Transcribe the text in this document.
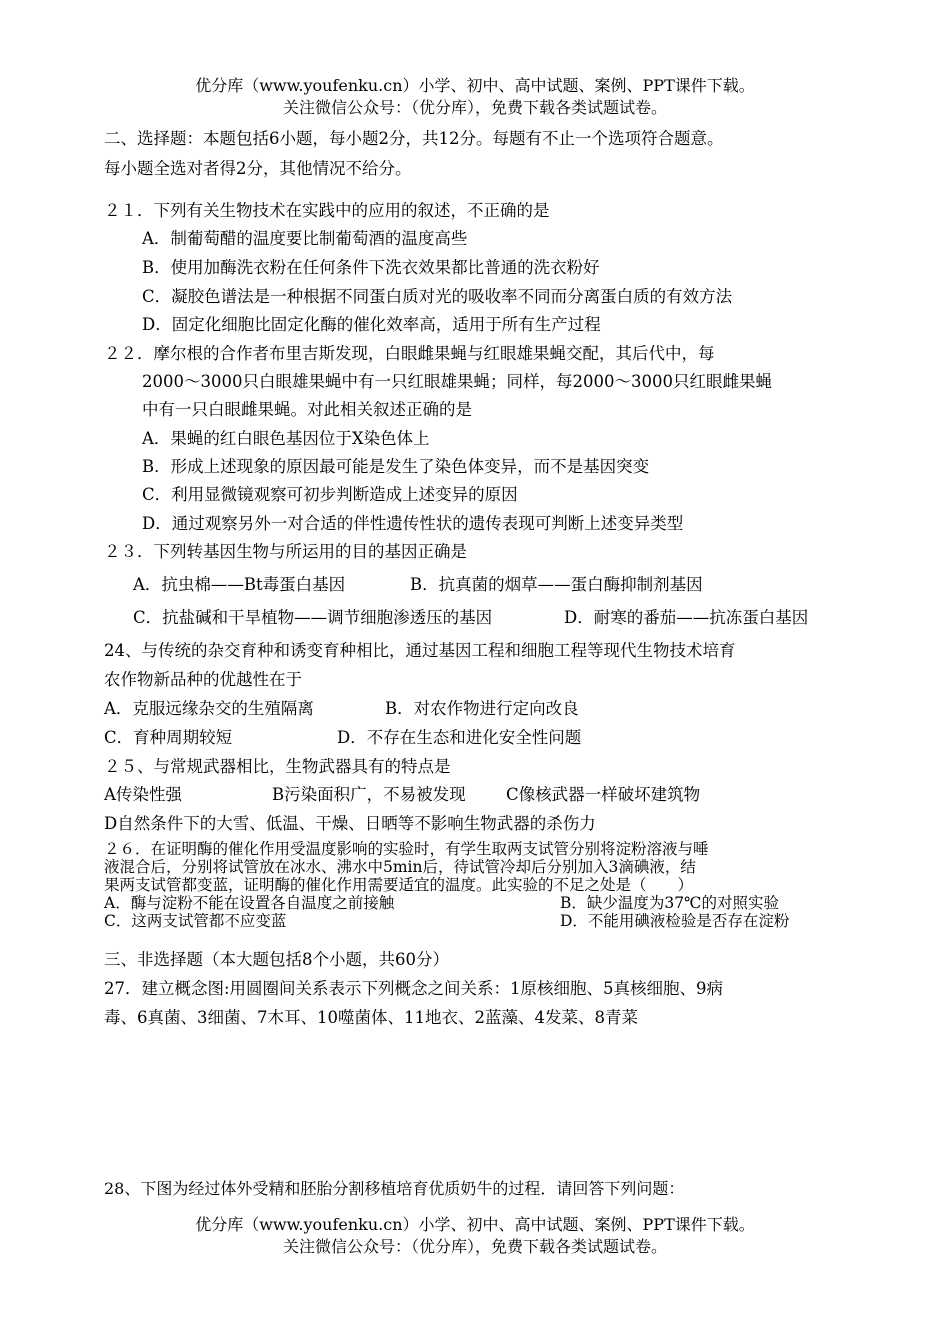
优分库（www.youfenku.cn）小学、初中、高中试题、案例、PPT课件下载。
关注微信公众号：（优分库），免费下载各类试题试卷。
二、选择题：本题包括6小题，每小题2分，共12分。每题有不止一个选项符合题意。
每小题全选对者得2分，其他情况不给分。
２１．下列有关生物技术在实践中的应用的叙述，不正确的是
A．制葡萄醋的温度要比制葡萄酒的温度高些
B．使用加酶洗衣粉在任何条件下洗衣效果都比普通的洗衣粉好
C．凝胶色谱法是一种根据不同蛋白质对光的吸收率不同而分离蛋白质的有效方法
D．固定化细胞比固定化酶的催化效率高，适用于所有生产过程
２２．摩尔根的合作者布里吉斯发现，白眼雌果蝇与红眼雄果蝇交配，其后代中，每
2000～3000只白眼雄果蝇中有一只红眼雄果蝇；同样，每2000～3000只红眼雌果蝇
中有一只白眼雌果蝇。对此相关叙述正确的是
A．果蝇的红白眼色基因位于X染色体上
B．形成上述现象的原因最可能是发生了染色体变异，而不是基因突变
C．利用显微镜观察可初步判断造成上述变异的原因
D．通过观察另外一对合适的伴性遗传性状的遗传表现可判断上述变异类型
２３．下列转基因生物与所运用的目的基因正确是
A．抗虫棉——Bt毒蛋白基因	B．抗真菌的烟草——蛋白酶抑制剂基因
C．抗盐碱和干旱植物——调节细胞渗透压的基因	D．耐寒的番茄——抗冻蛋白基因
24、与传统的杂交育种和诱变育种相比，通过基因工程和细胞工程等现代生物技术培育
农作物新品种的优越性在于
A．克服远缘杂交的生殖隔离	B．对农作物进行定向改良
C．育种周期较短	D．不存在生态和进化安全性问题
２５、与常规武器相比，生物武器具有的特点是
A传染性强	B污染面积广，不易被发现 C像核武器一样破坏建筑物
D自然条件下的大雪、低温、干燥、日晒等不影响生物武器的杀伤力
２６．在证明酶的催化作用受温度影响的实验时，有学生取两支试管分别将淀粉溶液与唾
液混合后，分别将试管放在冰水、沸水中5min后，待试管冷却后分别加入3滴碘液，结
果两支试管都变蓝，证明酶的催化作用需要适宜的温度。此实验的不足之处是（　　）
A．酶与淀粉不能在设置各自温度之前接触	B．缺少温度为37℃的对照实验
C．这两支试管都不应变蓝	D．不能用碘液检验是否存在淀粉
三、非选择题（本大题包括8个小题，共60分）
27．建立概念图:用圆圈间关系表示下列概念之间关系：1原核细胞、5真核细胞、9病
毒、6真菌、3细菌、7木耳、10噬菌体、11地衣、2蓝藻、4发菜、8青菜
28、下图为经过体外受精和胚胎分割移植培育优质奶牛的过程．请回答下列问题：
优分库（www.youfenku.cn）小学、初中、高中试题、案例、PPT课件下载。
关注微信公众号：（优分库），免费下载各类试题试卷。
